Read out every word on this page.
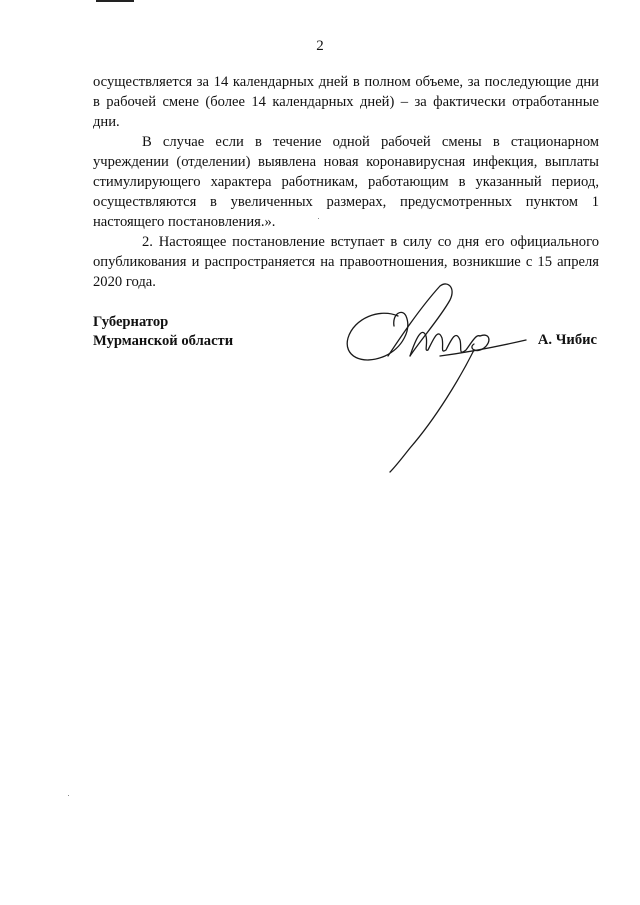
2

осуществляется за 14 календарных дней в полном объеме, за последующие дни в рабочей смене (более 14 календарных дней) – за фактически отработанные дни.

В случае если в течение одной рабочей смены в стационарном учреждении (отделении) выявлена новая коронавирусная инфекция, выплаты стимулирующего характера работникам, работающим в указанный период, осуществляются в увеличенных размерах, предусмотренных пунктом 1 настоящего постановления.».

2. Настоящее постановление вступает в силу со дня его официального опубликования и распространяется на правоотношения, возникшие с 15 апреля 2020 года.

Губернатор
Мурманской области	А. Чибис
